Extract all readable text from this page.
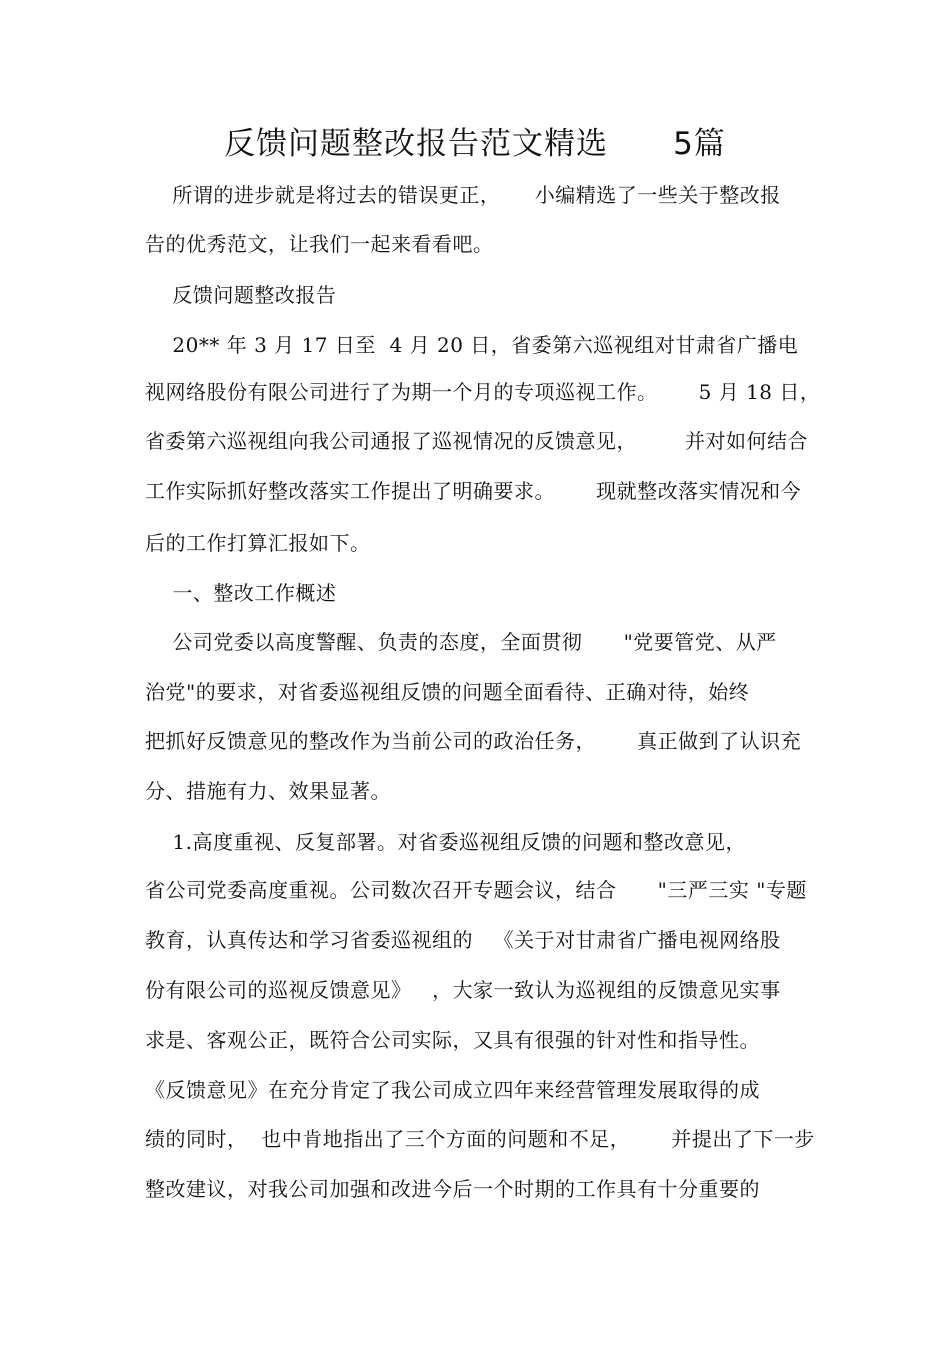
反馈问题整改报告范文精选      5篇
所谓的进步就是将过去的错误更正，     小编精选了一些关于整改报
告的优秀范文，让我们一起来看看吧。
反馈问题整改报告
20** 年 3 月 17 日至  4 月 20 日，省委第六巡视组对甘肃省广播电
视网络股份有限公司进行了为期一个月的专项巡视工作。      5 月 18 日，
省委第六巡视组向我公司通报了巡视情况的反馈意见，       并对如何结合
工作实际抓好整改落实工作提出了明确要求。      现就整改落实情况和今
后的工作打算汇报如下。
一、整改工作概述
公司党委以高度警醒、负责的态度，全面贯彻      "党要管党、从严
治党"的要求，对省委巡视组反馈的问题全面看待、正确对待，始终
把抓好反馈意见的整改作为当前公司的政治任务，      真正做到了认识充
分、措施有力、效果显著。
1.高度重视、反复部署。对省委巡视组反馈的问题和整改意见，
省公司党委高度重视。公司数次召开专题会议，结合      "三严三实 "专题
教育，认真传达和学习省委巡视组的   《关于对甘肃省广播电视网络股
份有限公司的巡视反馈意见》   ，大家一致认为巡视组的反馈意见实事
求是、客观公正，既符合公司实际，又具有很强的针对性和指导性。
《反馈意见》在充分肯定了我公司成立四年来经营管理发展取得的成
绩的同时，  也中肯地指出了三个方面的问题和不足，      并提出了下一步
整改建议，对我公司加强和改进今后一个时期的工作具有十分重要的
